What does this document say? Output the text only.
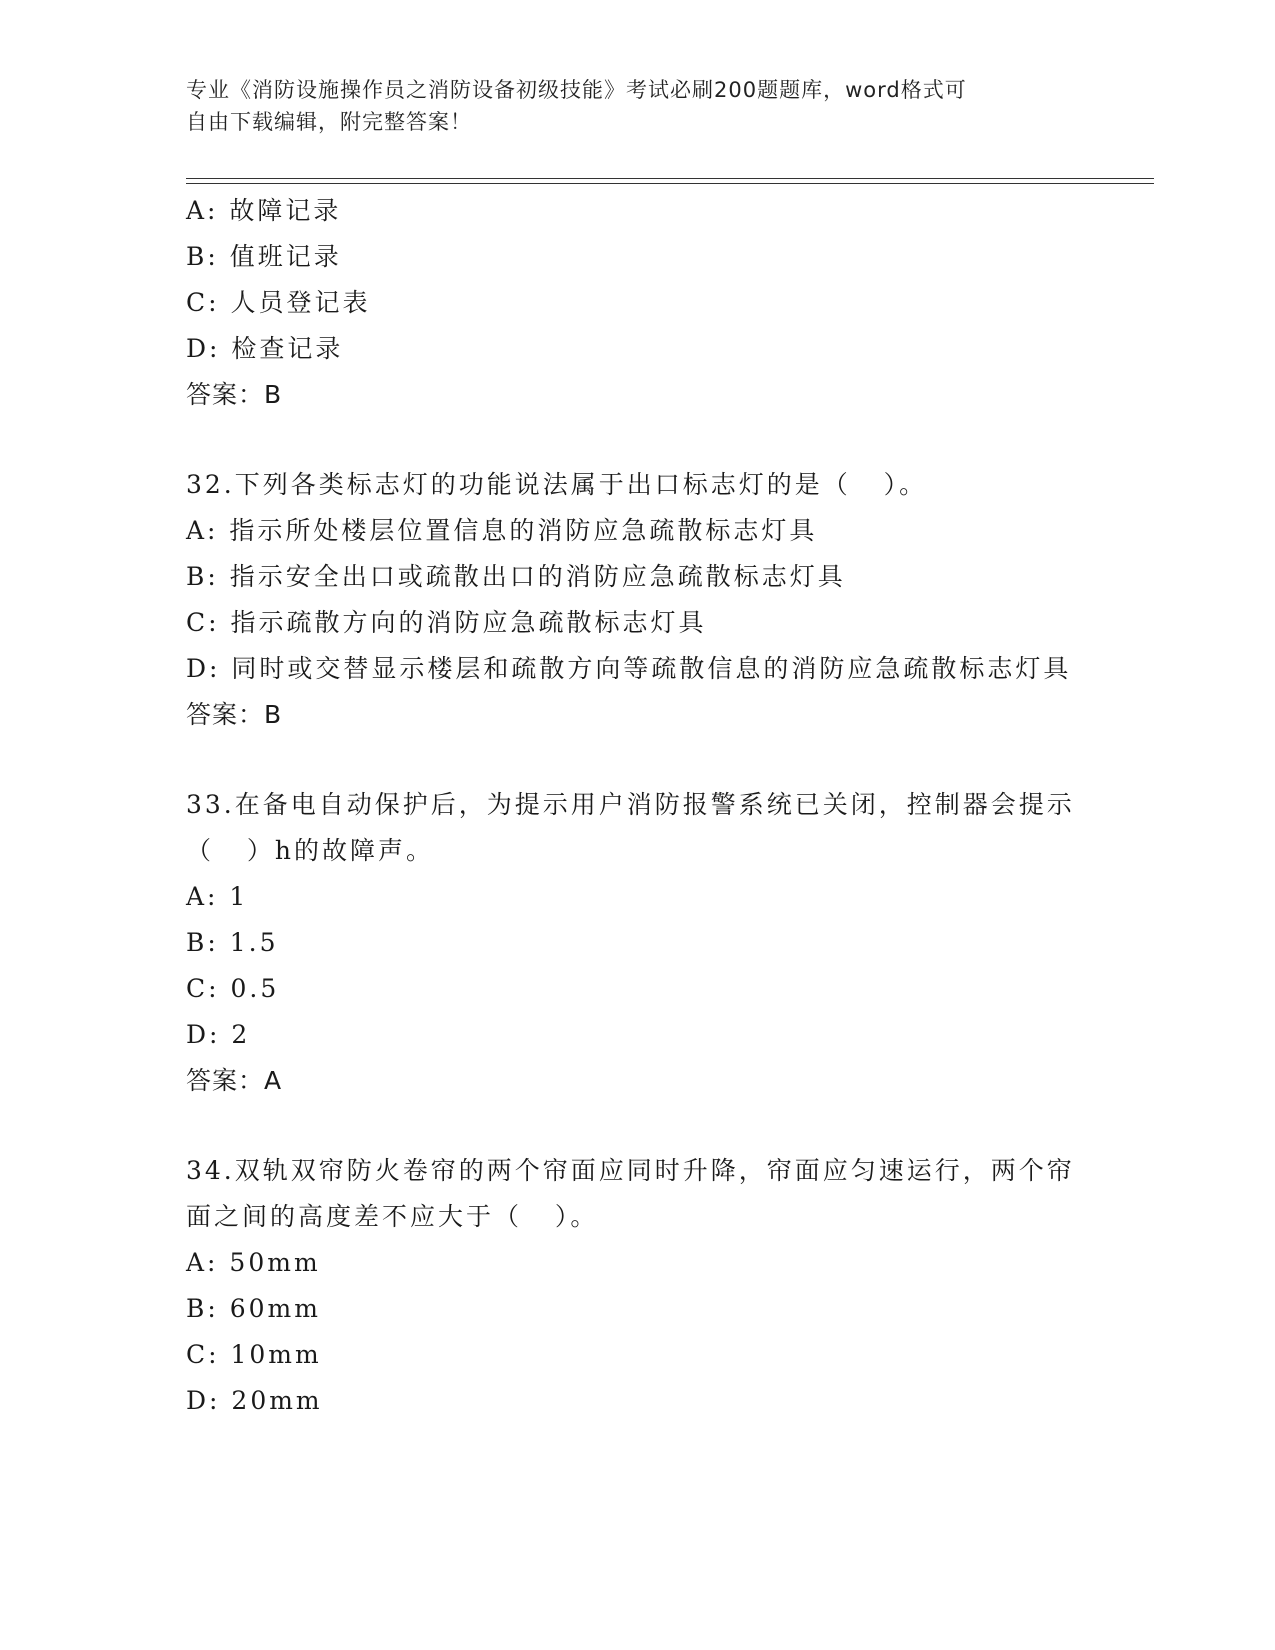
专业《消防设施操作员之消防设备初级技能》考试必刷200题题库，word格式可
自由下载编辑，附完整答案！
A: 故障记录
B: 值班记录
C: 人员登记表
D: 检查记录
答案：B
32.下列各类标志灯的功能说法属于出口标志灯的是（   ）。
A: 指示所处楼层位置信息的消防应急疏散标志灯具
B: 指示安全出口或疏散出口的消防应急疏散标志灯具
C: 指示疏散方向的消防应急疏散标志灯具
D: 同时或交替显示楼层和疏散方向等疏散信息的消防应急疏散标志灯具
答案：B
33.在备电自动保护后，为提示用户消防报警系统已关闭，控制器会提示（   ）h的故障声。
A: 1
B: 1.5
C: 0.5
D: 2
答案：A
34.双轨双帘防火卷帘的两个帘面应同时升降，帘面应匀速运行，两个帘面之间的高度差不应大于（   ）。
A: 50mm
B: 60mm
C: 10mm
D: 20mm
